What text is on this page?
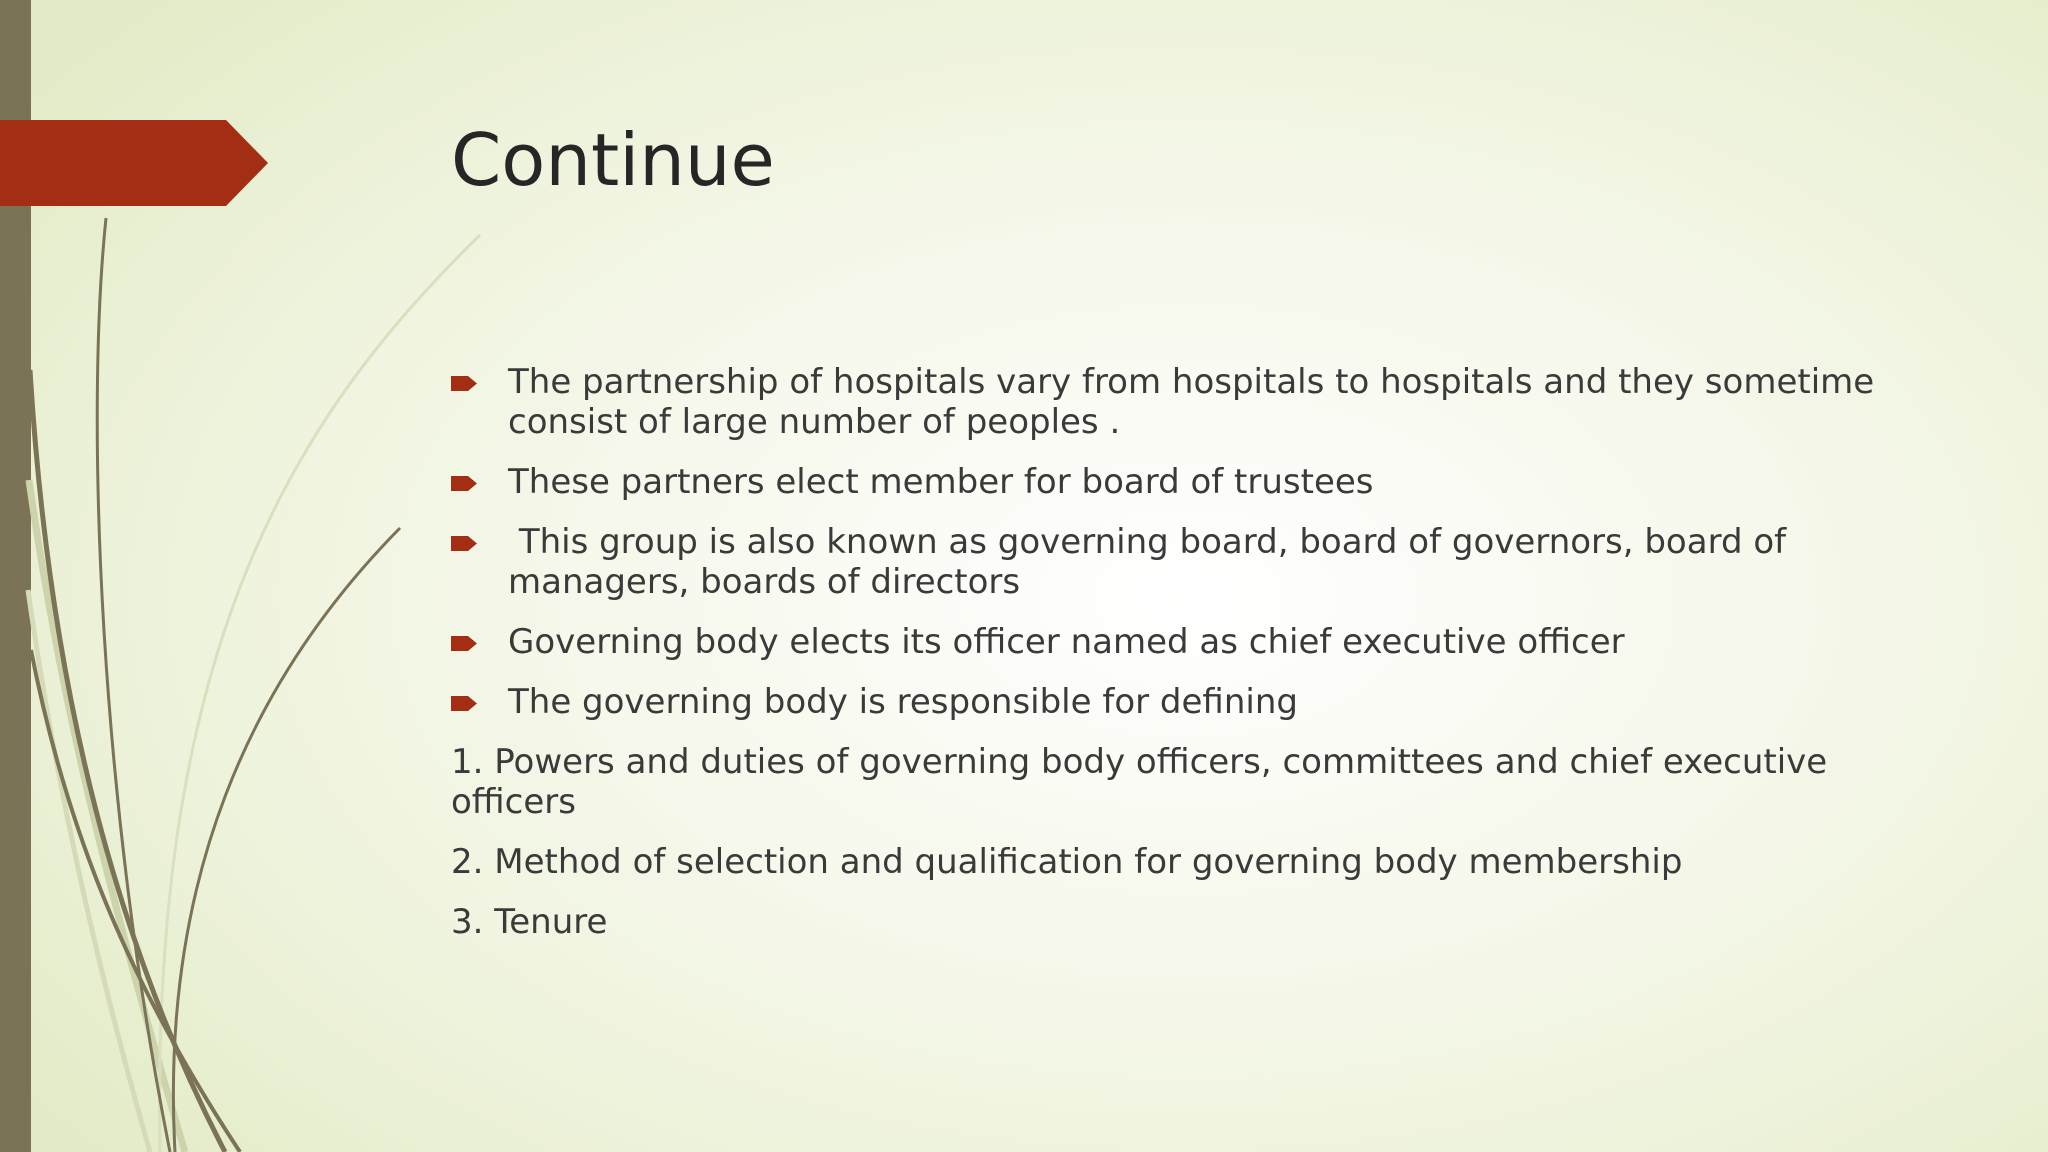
Continue
The partnership of hospitals vary from hospitals to hospitals and they sometime consist of large number of peoples .
These partners elect member for board of trustees
This group is also known as governing board, board of governors, board of managers, boards of directors
Governing body elects its officer named as chief executive officer
The governing body is responsible for defining
1. Powers and duties of governing body officers, committees and chief executive officers
2. Method of selection and qualification for governing body membership
3. Tenure
